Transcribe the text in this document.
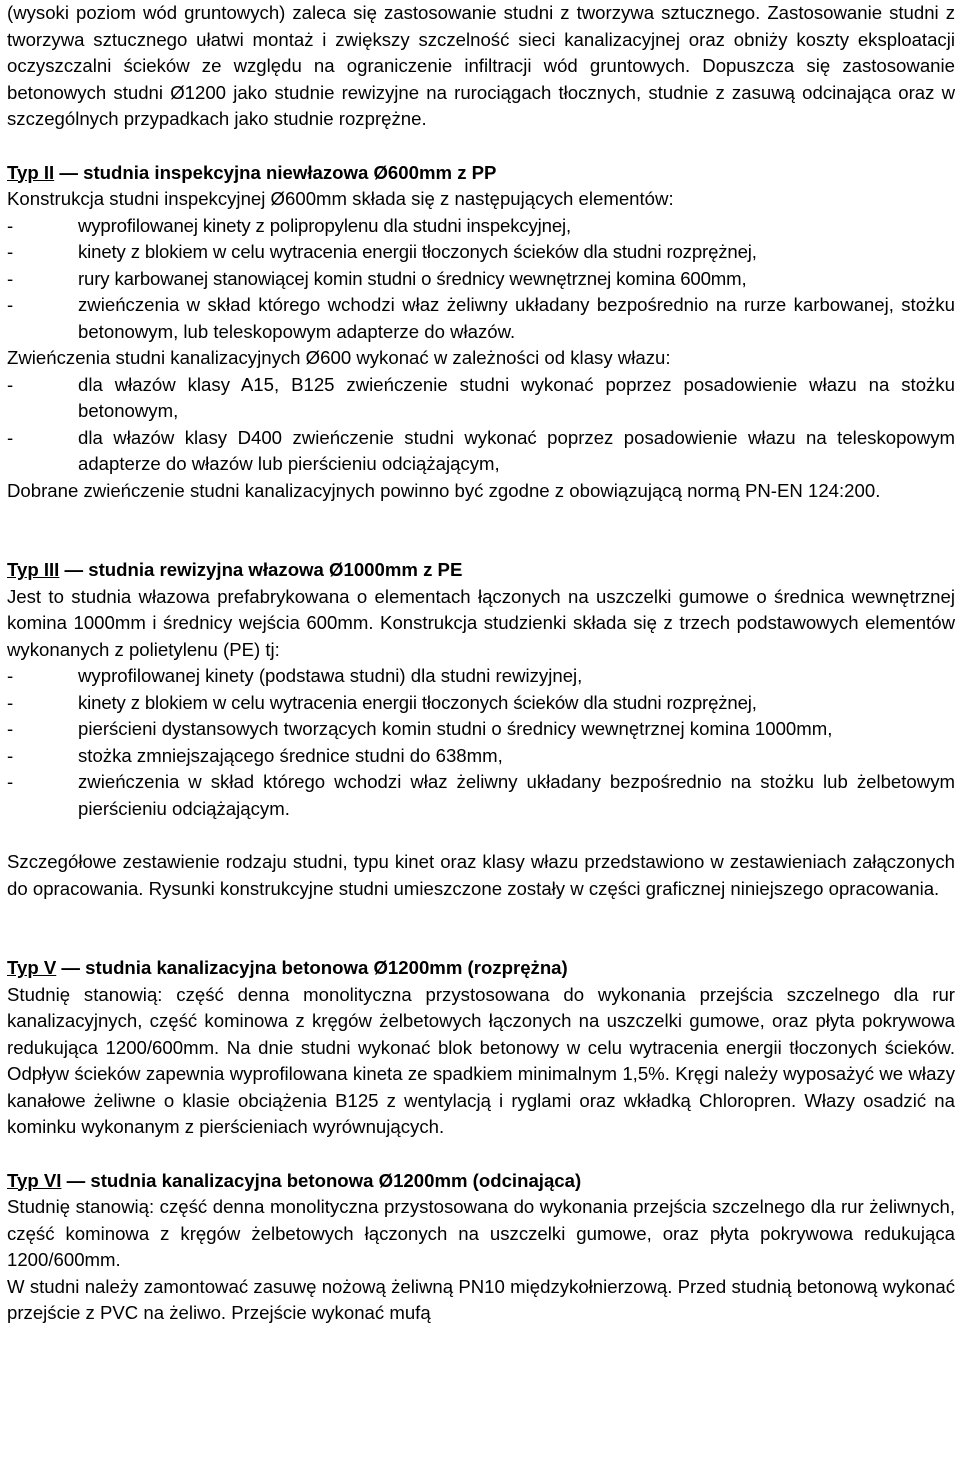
(wysoki poziom wód gruntowych) zaleca się zastosowanie studni z tworzywa sztucznego. Zastosowanie studni z tworzywa sztucznego ułatwi montaż i zwiększy szczelność sieci kanalizacyjnej oraz obniży koszty eksploatacji oczyszczalni ścieków ze względu na ograniczenie infiltracji wód gruntowych. Dopuszcza się zastosowanie betonowych studni Ø1200 jako studnie rewizyjne na rurociągach tłocznych, studnie z zasuwą odcinająca oraz w szczególnych przypadkach jako studnie rozprężne.

Typ II — studnia inspekcyjna niewłazowa Ø600mm z PP

Konstrukcja studni inspekcyjnej Ø600mm składa się z następujących elementów:

- wyprofilowanej kinety z polipropylenu dla studni inspekcyjnej,
- kinety z blokiem w celu wytracenia energii tłoczonych ścieków dla studni rozprężnej,
- rury karbowanej stanowiącej komin studni o średnicy wewnętrznej komina 600mm,
- zwieńczenia w skład którego wchodzi właz żeliwny układany bezpośrednio na rurze karbowanej, stożku betonowym, lub teleskopowym adapterze do włazów.

Zwieńczenia studni kanalizacyjnych Ø600 wykonać w zależności od klasy włazu:

- dla włazów klasy A15, B125 zwieńczenie studni wykonać poprzez posadowienie włazu na stożku betonowym,
- dla włazów klasy D400 zwieńczenie studni wykonać poprzez posadowienie włazu na teleskopowym adapterze do włazów lub pierścieniu odciążającym,

Dobrane zwieńczenie studni kanalizacyjnych powinno być zgodne z obowiązującą normą PN-EN 124:200.

Typ III — studnia rewizyjna włazowa Ø1000mm z PE

Jest to studnia włazowa prefabrykowana o elementach łączonych na uszczelki gumowe o średnica wewnętrznej komina 1000mm i średnicy wejścia 600mm. Konstrukcja studzienki składa się z trzech podstawowych elementów wykonanych z polietylenu (PE) tj:

- wyprofilowanej kinety (podstawa studni) dla studni rewizyjnej,
- kinety z blokiem w celu wytracenia energii tłoczonych ścieków dla studni rozprężnej,
- pierścieni dystansowych tworzących komin studni o średnicy wewnętrznej komina 1000mm,
- stożka zmniejszającego średnice studni do 638mm,
- zwieńczenia w skład którego wchodzi właz żeliwny układany bezpośrednio na stożku lub żelbetowym pierścieniu odciążającym.

Szczegółowe zestawienie rodzaju studni, typu kinet oraz klasy włazu przedstawiono w zestawieniach załączonych do opracowania. Rysunki konstrukcyjne studni umieszczone zostały w części graficznej niniejszego opracowania.

Typ V — studnia kanalizacyjna betonowa Ø1200mm (rozprężna)

Studnię stanowią: część denna monolityczna przystosowana do wykonania przejścia szczelnego dla rur kanalizacyjnych, część kominowa z kręgów żelbetowych łączonych na uszczelki gumowe, oraz płyta pokrywowa redukująca 1200/600mm. Na dnie studni wykonać blok betonowy w celu wytracenia energii tłoczonych ścieków. Odpływ ścieków zapewnia wyprofilowana kineta ze spadkiem minimalnym 1,5%. Kręgi należy wyposażyć we włazy kanałowe żeliwne o klasie obciążenia B125 z wentylacją i ryglami oraz wkładką Chloropren. Włazy osadzić na kominku wykonanym z pierścieniach wyrównujących.

Typ VI — studnia kanalizacyjna betonowa Ø1200mm (odcinająca)

Studnię stanowią: część denna monolityczna przystosowana do wykonania przejścia szczelnego dla rur żeliwnych, część kominowa z kręgów żelbetowych łączonych na uszczelki gumowe, oraz płyta pokrywowa redukująca 1200/600mm.

W studni należy zamontować zasuwę nożową żeliwną PN10 międzykołnierzową. Przed studnią betonową wykonać przejście z PVC na żeliwo. Przejście wykonać mufą
